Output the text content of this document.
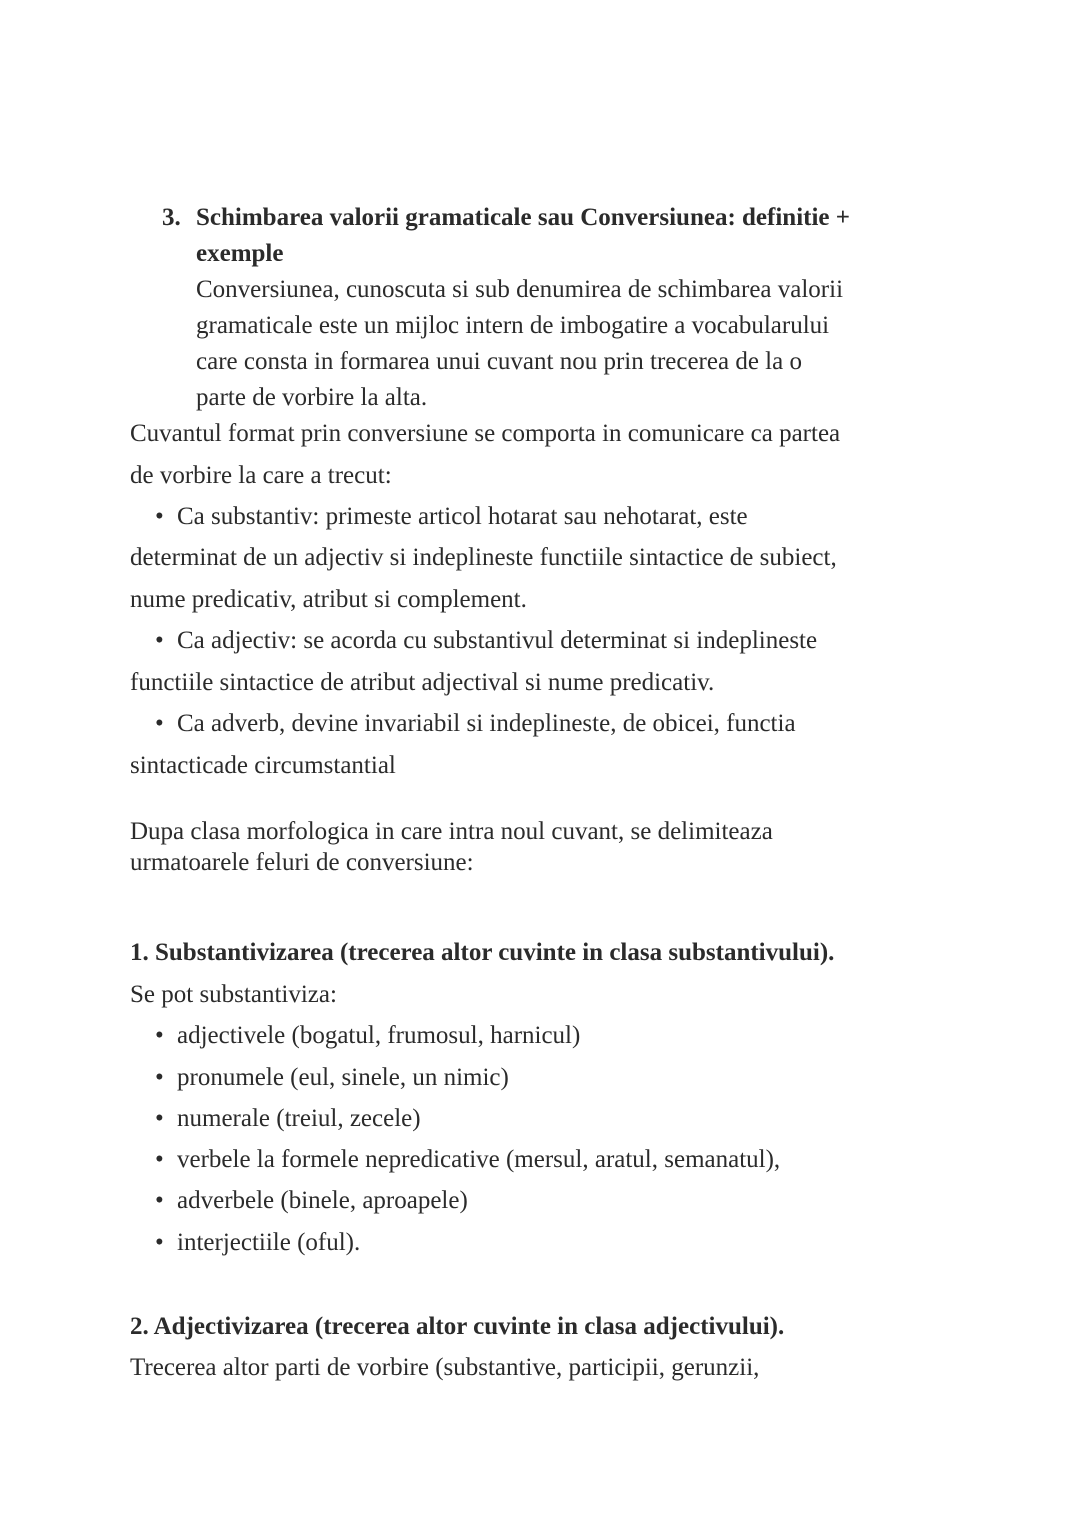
3. Schimbarea valorii gramaticale sau Conversiunea: definitie +
exemple
Conversiunea, cunoscuta si sub denumirea de schimbarea valorii
gramaticale este un mijloc intern de imbogatire a vocabularului
care consta in formarea unui cuvant nou prin trecerea de la o
parte de vorbire la alta.
Cuvantul format prin conversiune se comporta in comunicare ca partea
de vorbire la care a trecut:
• Ca substantiv: primeste articol hotarat sau nehotarat, este
determinat de un adjectiv si indeplineste functiile sintactice de subiect,
nume predicativ, atribut si complement.
• Ca adjectiv: se acorda cu substantivul determinat si indeplineste
functiile sintactice de atribut adjectival si nume predicativ.
• Ca adverb, devine invariabil si indeplineste, de obicei, functia
sintacticade circumstantial
Dupa clasa morfologica in care intra noul cuvant, se delimiteaza
urmatoarele feluri de conversiune:
1. Substantivizarea (trecerea altor cuvinte in clasa substantivului).
Se pot substantiviza:
• adjectivele (bogatul, frumosul, harnicul)
• pronumele (eul, sinele, un nimic)
• numerale (treiul, zecele)
• verbele la formele nepredicative (mersul, aratul, semanatul),
• adverbele (binele, aproapele)
• interjectiile (oful).
2. Adjectivizarea (trecerea altor cuvinte in clasa adjectivului).
Trecerea altor parti de vorbire (substantive, participii, gerunzii,
